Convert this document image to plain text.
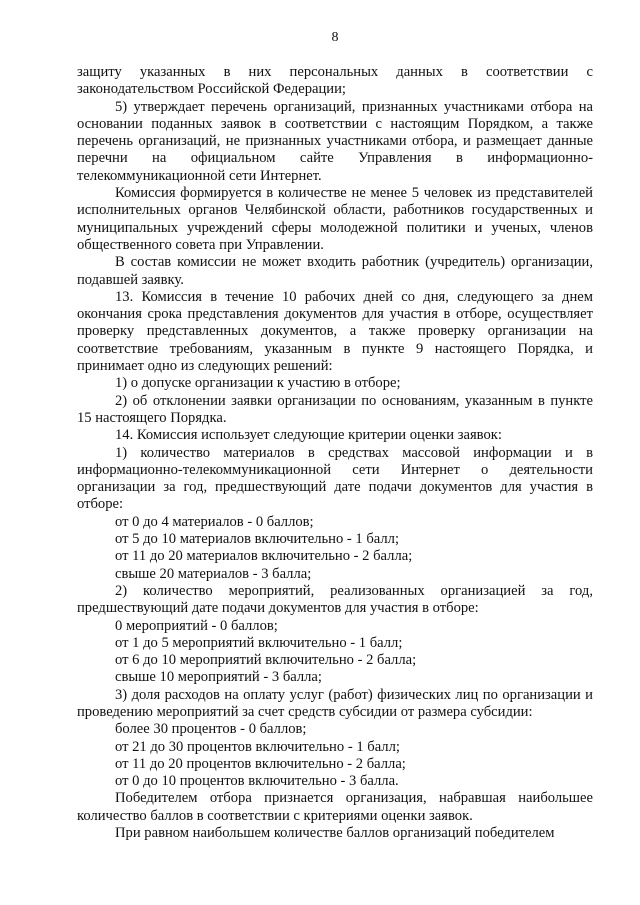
8

защиту указанных в них персональных данных в соответствии с законодательством Российской Федерации;

5) утверждает перечень организаций, признанных участниками отбора на основании поданных заявок в соответствии с настоящим Порядком, а также перечень организаций, не признанных участниками отбора, и размещает данные перечни на официальном сайте Управления в информационно-телекоммуникационной сети Интернет.

Комиссия формируется в количестве не менее 5 человек из представителей исполнительных органов Челябинской области, работников государственных и муниципальных учреждений сферы молодежной политики и ученых, членов общественного совета при Управлении.

В состав комиссии не может входить работник (учредитель) организации, подавшей заявку.

13. Комиссия в течение 10 рабочих дней со дня, следующего за днем окончания срока представления документов для участия в отборе, осуществляет проверку представленных документов, а также проверку организации на соответствие требованиям, указанным в пункте 9 настоящего Порядка, и принимает одно из следующих решений:

1) о допуске организации к участию в отборе;

2) об отклонении заявки организации по основаниям, указанным в пункте 15 настоящего Порядка.

14. Комиссия использует следующие критерии оценки заявок:

1) количество материалов в средствах массовой информации и в информационно-телекоммуникационной сети Интернет о деятельности организации за год, предшествующий дате подачи документов для участия в отборе:

от 0 до 4 материалов - 0 баллов;

от 5 до 10 материалов включительно - 1 балл;

от 11 до 20 материалов включительно - 2 балла;

свыше 20 материалов - 3 балла;

2) количество мероприятий, реализованных организацией за год, предшествующий дате подачи документов для участия в отборе:

0 мероприятий - 0 баллов;

от 1 до 5 мероприятий включительно - 1 балл;

от 6 до 10 мероприятий включительно - 2 балла;

свыше 10 мероприятий - 3 балла;

3) доля расходов на оплату услуг (работ) физических лиц по организации и проведению мероприятий за счет средств субсидии от размера субсидии:

более 30 процентов - 0 баллов;

от 21 до 30 процентов включительно - 1 балл;

от 11 до 20 процентов включительно - 2 балла;

от 0 до 10 процентов включительно - 3 балла.

Победителем отбора признается организация, набравшая наибольшее количество баллов в соответствии с критериями оценки заявок.

При равном наибольшем количестве баллов организаций победителем
